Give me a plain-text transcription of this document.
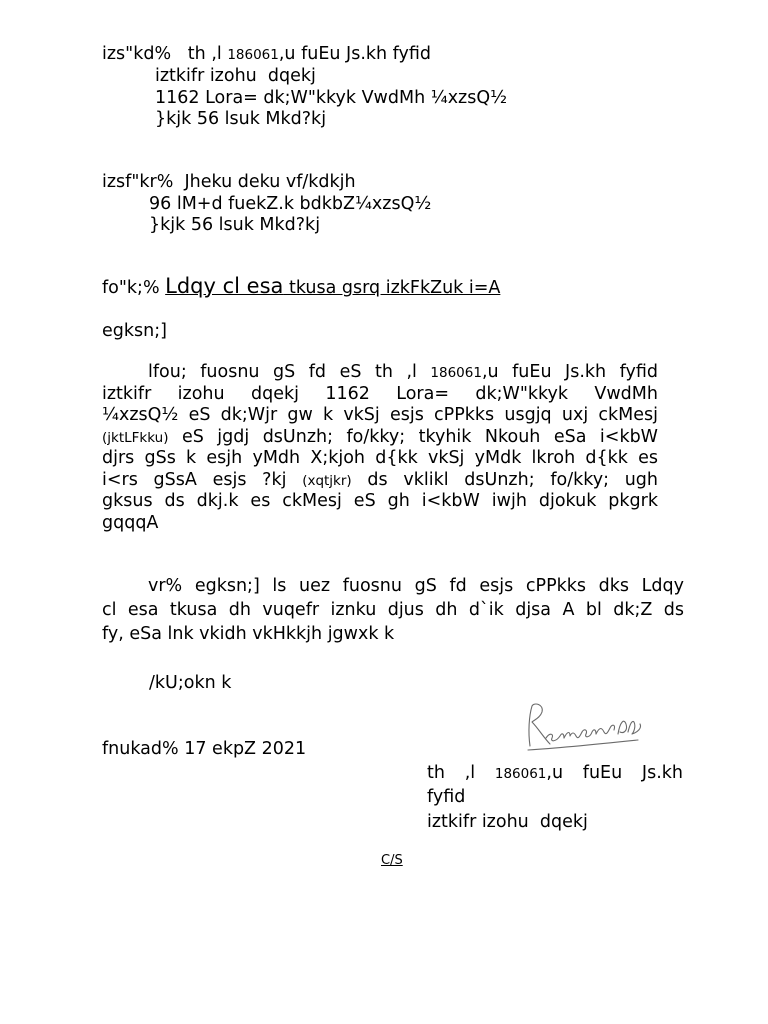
izs"kd% th ,l 186061,u fuEu Js.kh fyfid
iztkifr izohu  dqekj
1162 Lora= dk;W"kkyk VwdMh ¼xzsQ½
}kjk 56 lsuk Mkd?kj
izsf"kr% Jheku deku vf/kdkjh
96 lM+d fuekZ.k bdkbZ¼xzsQ½
}kjk 56 lsuk Mkd?kj
fo"k;% Ldqy cl esa tkusa gsrq izkFkZuk i=A
egksn;]
lfou; fuosnu gS fd eS th ,l 186061,u fuEu Js.kh fyfid
iztkifr izohu dqekj 1162 Lora= dk;W"kkyk VwdMh
¼xzsQ½ eS dk;Wjr gw k vkSj esjs cPPkks usgjq uxj ckMesj
(jktLFkku) eS jgdj dsUnzh; fo/kky; tkyhik Nkouh eSa i<kbW
djrs gSs k esjh yMdh X;kjoh d{kk vkSj yMdk lkroh d{kk es
i<rs gSsA esjs ?kj (xqtjkr) ds vklikl dsUnzh; fo/kky; ugh
gksus ds dkj.k es ckMesj eS gh i<kbW iwjh djokuk pkgrk
gqqqA
vr% egksn;] ls uez fuosnu gS fd esjs cPPkks dks Ldqy
cl esa tkusa dh vuqefr iznku djus dh d`ik djsa A bl dk;Z ds
fy, eSa lnk vkidh vkHkkjh jgwxk k
/kU;okn k
fnukad% 17 ekpZ 2021
th ,l 186061,u fuEu Js.kh
fyfid
iztkifr izohu  dqekj
C/S
